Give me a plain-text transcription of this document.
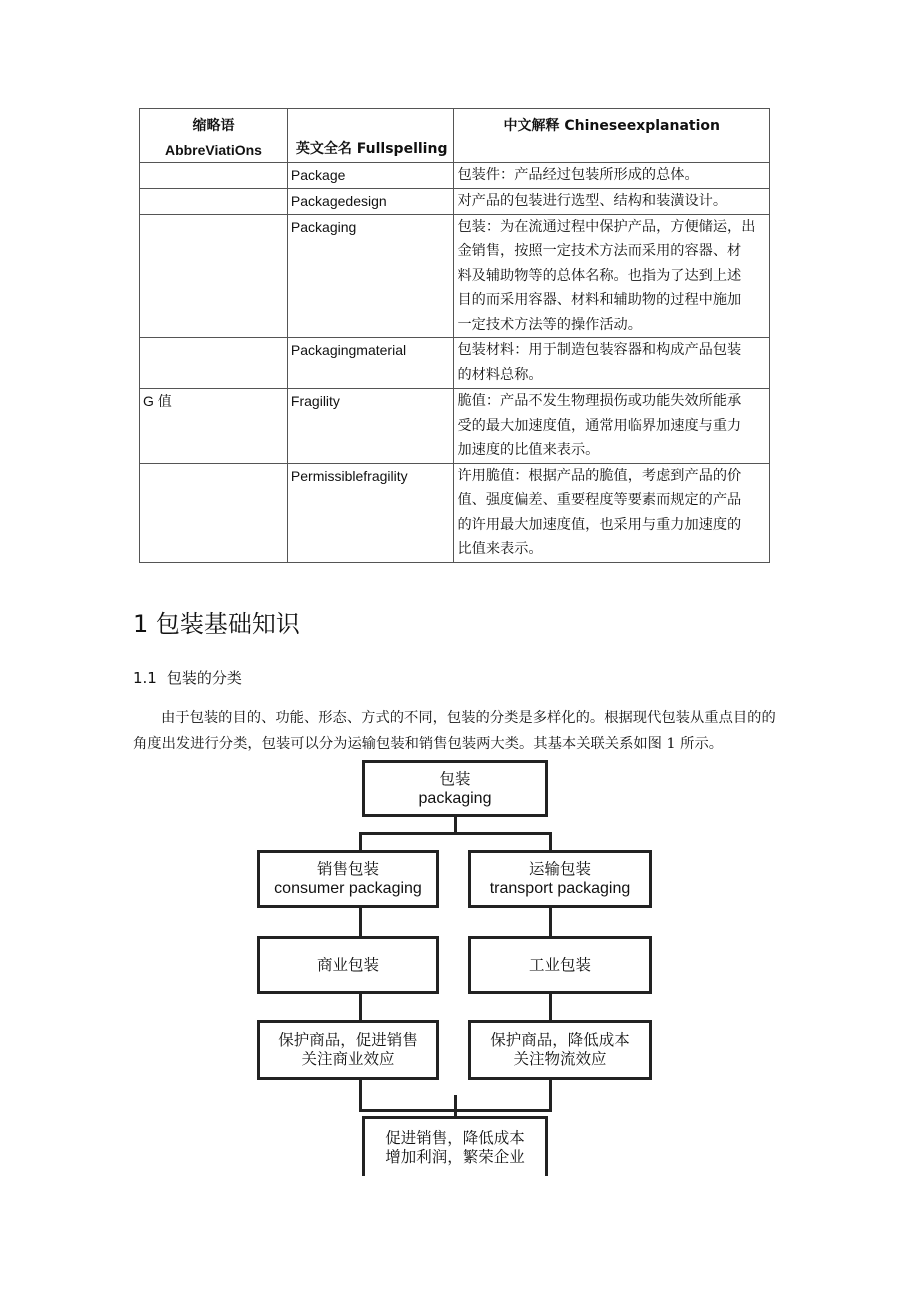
缩略语
AbbreViatiOns	英文全名 Fullspelling	中文解释 Chineseexplanation
	Package	包装件：产品经过包装所形成的总体。

	Packagedesign	对产品的包装进行选型、结构和装潢设计。

	Packaging	包装：为在流通过程中保护产品，方便储运，出
金销售，按照一定技术方法而采用的容器、材
料及辅助物等的总体名称。也指为了达到上述
目的而采用容器、材料和辅助物的过程中施加
一定技术方法等的操作活动。

	Packagingmaterial	包装材料：用于制造包装容器和构成产品包装
的材料总称。

G 值	Fragility	脆值：产品不发生物理损伤或功能失效所能承
受的最大加速度值，通常用临界加速度与重力
加速度的比值来表示。

	Permissiblefragility	许用脆值：根据产品的脆值，考虑到产品的价
值、强度偏差、重要程度等要素而规定的产品
的许用最大加速度值，也采用与重力加速度的
比值来表示。
1 包装基础知识
1.1 包装的分类

由于包装的目的、功能、形态、方式的不同，包装的分类是多样化的。根据现代包装从重点目的的角度出发进行分类，包装可以分为运输包装和销售包装两大类。其基本关联关系如图 1 所示。

包装
packaging
销售包装
consumer packaging
运输包装
transport packaging
商业包装	工业包装
保护商品，促进销售
关注商业效应
保护商品，降低成本
关注物流效应
促进销售，降低成本
增加利润，繁荣企业
